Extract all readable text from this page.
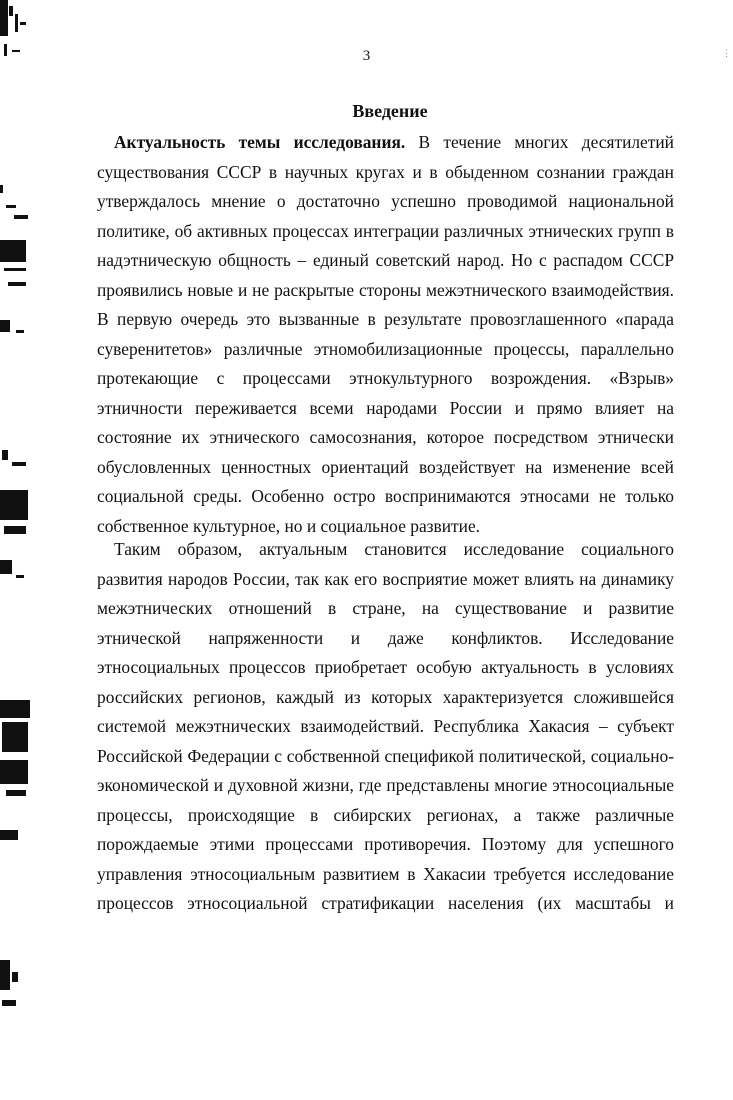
⋮
3
Введение
Актуальность темы исследования. В течение многих десятилетий
существования СССР в научных кругах и в обыденном сознании граждан
утверждалось мнение о достаточно успешно проводимой национальной
политике, об активных процессах интеграции различных этнических групп в
надэтническую общность – единый советский народ. Но с распадом СССР
проявились новые и не раскрытые стороны межэтнического взаимодействия.
В первую очередь это вызванные в результате провозглашенного «парада
суверенитетов» различные этномобилизационные процессы, параллельно
протекающие с процессами этнокультурного возрождения. «Взрыв»
этничности переживается всеми народами России и прямо влияет на
состояние их этнического самосознания, которое посредством этнически
обусловленных ценностных ориентаций воздействует на изменение всей
социальной среды. Особенно остро воспринимаются этносами не только
собственное культурное, но и социальное развитие.
Таким образом, актуальным становится исследование социального
развития народов России, так как его восприятие может влиять на динамику
межэтнических отношений в стране, на существование и развитие
этнической напряженности и даже конфликтов. Исследование
этносоциальных процессов приобретает особую актуальность в условиях
российских регионов, каждый из которых характеризуется сложившейся
системой межэтнических взаимодействий. Республика Хакасия – субъект
Российской Федерации с собственной спецификой политической, социально-
экономической и духовной жизни, где представлены многие этносоциальные
процессы, происходящие в сибирских регионах, а также различные
порождаемые этими процессами противоречия. Поэтому для успешного
управления этносоциальным развитием в Хакасии требуется исследование
процессов этносоциальной стратификации населения (их масштабы и
